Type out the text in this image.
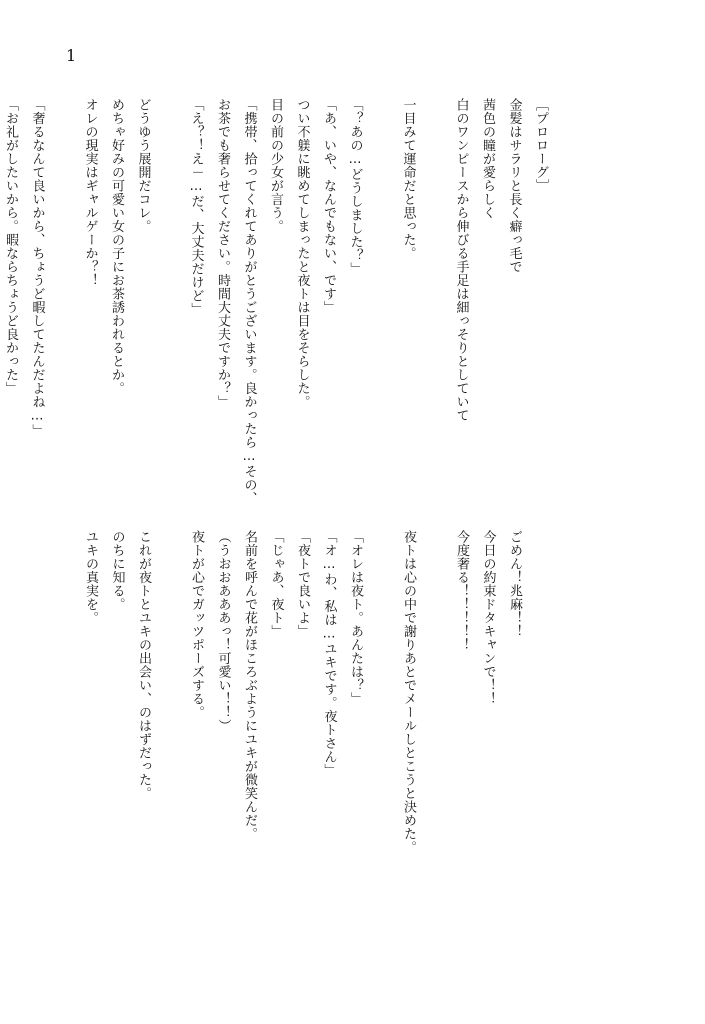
1
［プロローグ］
金髪はサラリと長く癖っ毛で
茜色の瞳が愛らしく
白のワンピースから伸びる手足は細っそりとしていて
一目みて運命だと思った。
「？あの…どうしました？」
「あ、いや、なんでもない、です」
つい不躾に眺めてしまったと夜トは目をそらした。
目の前の少女が言う。
「携帯、拾ってくれてありがとうございます。良かったら…その、
お茶でも奢らせてください。時間大丈夫ですか？」
「え？！え－…だ、大丈夫だけど」
どうゆう展開だコレ。
めちゃ好みの可愛い女の子にお茶誘われるとか。
オレの現実はギャルゲーか？！
「奢るなんて良いから、ちょうど暇してたんだよね…」
「お礼がしたいから。暇ならちょうど良かった」
ごめん！兆麻！！
今日の約束ドタキャンで！！
今度奢る！！！！！
夜トは心の中で謝りあとでメールしとこうと決めた。
「オレは夜ト。あんたは？」
「オ…わ、私は…ユキです。夜トさん」
「夜トで良いよ」
「じゃあ、夜ト」
名前を呼んで花がほころぶようにユキが微笑んだ。
（うおおあああっ！可愛い！！）
夜トが心でガッツポーズする。
これが夜トとユキの出会い、のはずだった。
のちに知る。
ユキの真実を。
